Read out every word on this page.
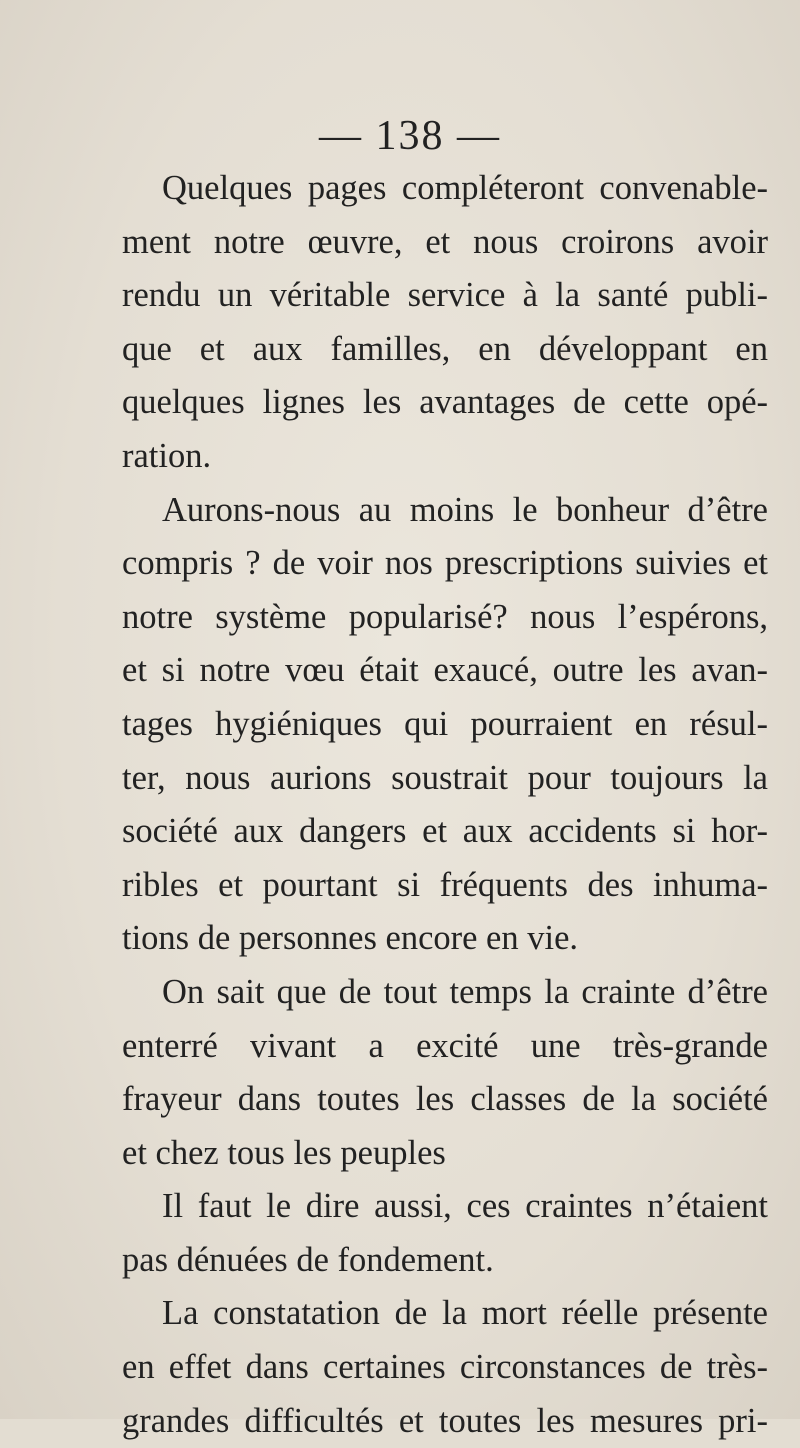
— 138 —
Quelques pages compléteront convenable-
ment notre œuvre, et nous croirons avoir
rendu un véritable service à la santé publi-
que et aux familles, en développant en
quelques lignes les avantages de cette opé-
ration.
Aurons-nous au moins le bonheur d’être
compris ? de voir nos prescriptions suivies et
notre système popularisé? nous l’espérons,
et si notre vœu était exaucé, outre les avan-
tages hygiéniques qui pourraient en résul-
ter, nous aurions soustrait pour toujours la
société aux dangers et aux accidents si hor-
ribles et pourtant si fréquents des inhuma-
tions de personnes encore en vie.
On sait que de tout temps la crainte d’être
enterré vivant a excité une très-grande
frayeur dans toutes les classes de la société
et chez tous les peuples
Il faut le dire aussi, ces craintes n’étaient
pas dénuées de fondement.
La constatation de la mort réelle présente
en effet dans certaines circonstances de très-
grandes difficultés et toutes les mesures pri-
